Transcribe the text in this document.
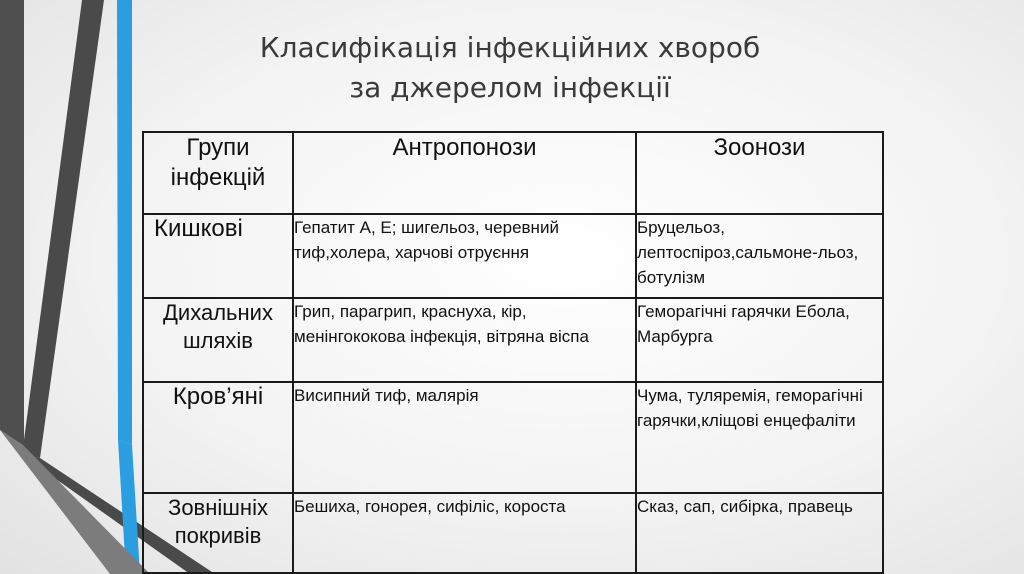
Класифікація інфекційних хвороб
за джерелом інфекції
Групи інфекцій	Антропонози	Зоонози
Кишкові	Гепатит А, Е; шигельоз, черевний тиф,холера, харчові отруєння	Бруцельоз, лептоспіроз,сальмоне-льоз, ботулізм
Дихальних шляхів	Грип, парагрип, краснуха, кір, менінгококова інфекція, вітряна віспа	Геморагічні гарячки Ебола, Марбурга
Кров’яні	Висипний тиф, малярія	Чума, туляремія, геморагічні гарячки,кліщові енцефаліти
Зовнішніх покривів	Бешиха, гонорея, сифіліс, короста	Сказ, сап, сибірка, правець
